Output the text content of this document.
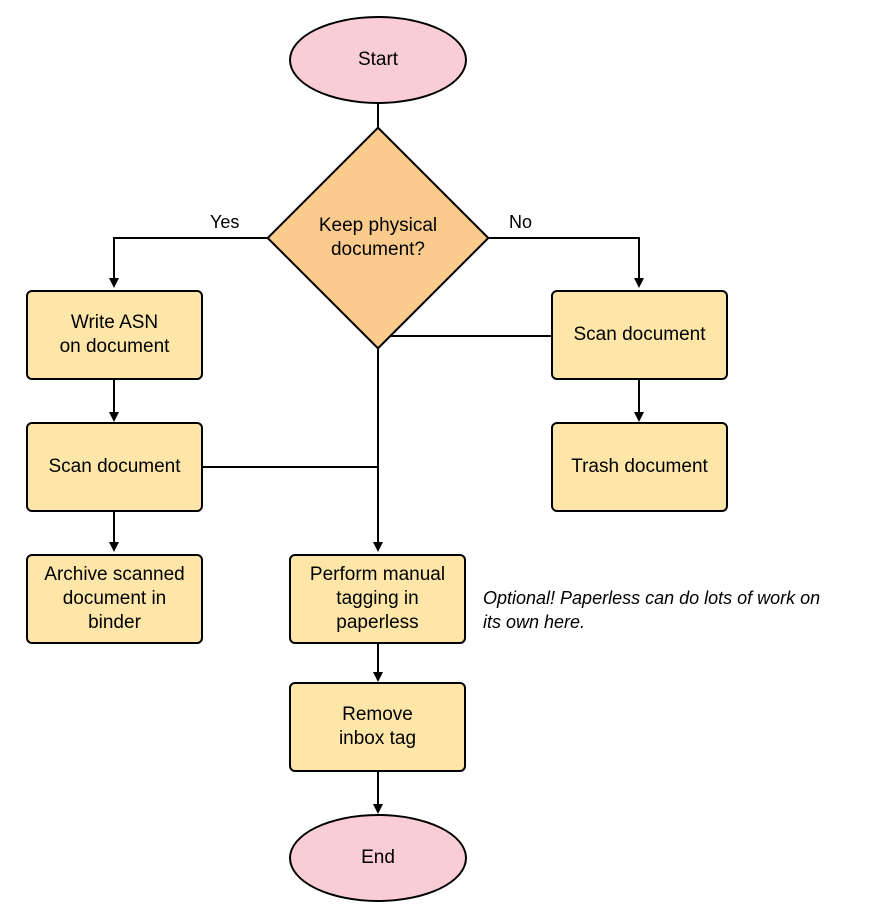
Start
Keep physical
document?
Yes	No
Write ASN
on document
Scan document
Archive scanned
document in
binder
Scan document
Trash document
Perform manual
tagging in
paperless
Remove
inbox tag
End
Optional! Paperless can do lots of work on
its own here.
